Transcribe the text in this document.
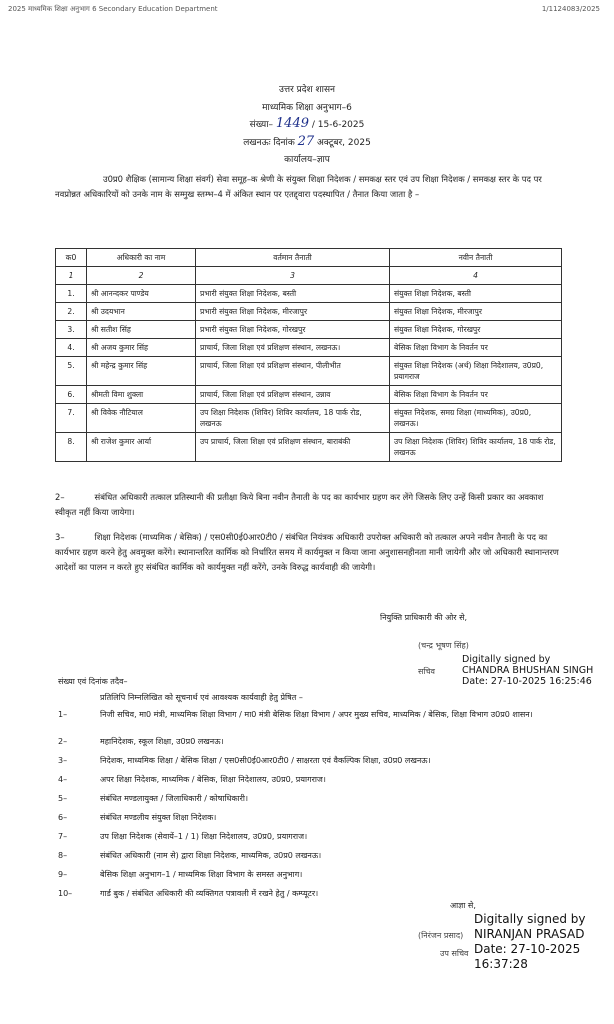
2025 माध्यमिक शिक्षा अनुभाग 6 Secondary Education Department	1/1124083/2025
उत्तर प्रदेश शासन
माध्यमिक शिक्षा अनुभाग–6
संख्या– 1449 / 15-6-2025
लखनऊः दिनांक 27 अक्टूबर, 2025
कार्यालय–ज्ञाप
उ0प्र0 शैक्षिक (सामान्य शिक्षा संवर्ग) सेवा समूह–क श्रेणी के संयुक्त शिक्षा निदेशक / समकक्ष स्तर एवं उप शिक्षा निदेशक / समकक्ष स्तर के पद पर नवप्रोन्नत अधिकारियों को उनके नाम के सम्मुख स्तम्भ–4 में अंकित स्थान पर एतद्द्वारा पदस्थापित / तैनात किया जाता है –
क0	अधिकारी का नाम	वर्तमान तैनाती	नवीन तैनाती
1	2	3	4
1.	श्री आनन्दकर पाण्डेय	प्रभारी संयुक्त शिक्षा निदेशक, बस्ती	संयुक्त शिक्षा निदेशक, बस्ती
2.	श्री उदयभान	प्रभारी संयुक्त शिक्षा निदेशक, मीरजापुर	संयुक्त शिक्षा निदेशक, मीरजापुर
3.	श्री सतीश सिंह	प्रभारी संयुक्त शिक्षा निदेशक, गोरखपुर	संयुक्त शिक्षा निदेशक, गोरखपुर
4.	श्री अजय कुमार सिंह	प्राचार्य, जिला शिक्षा एवं प्रशिक्षण संस्थान, लखनऊ।	बेसिक शिक्षा विभाग के निवर्तन पर
5.	श्री महेन्द्र कुमार सिंह	प्राचार्य, जिला शिक्षा एवं प्रशिक्षण संस्थान, पीलीभीत	संयुक्त शिक्षा निदेशक (अर्थ) शिक्षा निदेशालय, उ0प्र0, प्रयागराज
6.	श्रीमती विमा शुक्ला	प्राचार्य, जिला शिक्षा एवं प्रशिक्षण संस्थान, उन्नाव	बेसिक शिक्षा विभाग के निवर्तन पर
7.	श्री विवेक नौटियाल	उप शिक्षा निदेशक (शिविर) शिविर कार्यालय, 18 पार्क रोड, लखनऊ	संयुक्त निदेशक, समग्र शिक्षा (माध्यमिक), उ0प्र0, लखनऊ।
8.	श्री राजेश कुमार आर्या	उप प्राचार्य, जिला शिक्षा एवं प्रशिक्षण संस्थान, बाराबंकी	उप शिक्षा निदेशक (शिविर) शिविर कार्यालय, 18 पार्क रोड, लखनऊ
2–	संबंधित अधिकारी तत्काल प्रतिस्थानी की प्रतीक्षा किये बिना नवीन तैनाती के पद का कार्यभार ग्रहण कर लेंगे जिसके लिए उन्हें किसी प्रकार का अवकाश स्वीकृत नहीं किया जायेगा।
3–	शिक्षा निदेशक (माध्यमिक / बेसिक) / एस0सी0ई0आर0टी0 / संबंधित नियंत्रक अधिकारी उपरोक्त अधिकारी को तत्काल अपने नवीन तैनाती के पद का कार्यभार ग्रहण करने हेतु अवमुक्त करेंगे। स्थानान्तरित कार्मिक को निर्धारित समय में कार्यमुक्त न किया जाना अनुशासनहीनता मानी जायेगी और जो अधिकारी स्थानान्तरण आदेशों का पालन न करते हुए संबंधित कार्मिक को कार्यमुक्त नहीं करेंगे, उनके विरुद्ध कार्यवाही की जायेगी।
नियुक्ति प्राधिकारी की ओर से,
(चन्द्र भूषण सिंह)
सचिव
Digitally signed by
CHANDRA BHUSHAN SINGH
Date: 27-10-2025 16:25:46
संख्या एवं दिनांक तदैव–
प्रतिलिपि निम्नलिखित को सूचनार्थ एवं आवश्यक कार्यवाही हेतु प्रेषित –
1–	निजी सचिव, मा0 मंत्री, माध्यमिक शिक्षा विभाग / मा0 मंत्री बेसिक शिक्षा विभाग / अपर मुख्य सचिव, माध्यमिक / बेसिक, शिक्षा विभाग उ0प्र0 शासन।
2–	महानिदेशक, स्कूल शिक्षा, उ0प्र0 लखनऊ।
3–	निदेशक, माध्यमिक शिक्षा / बेसिक शिक्षा / एस0सी0ई0आर0टी0 / साक्षरता एवं वैकल्पिक शिक्षा, उ0प्र0 लखनऊ।
4–	अपर शिक्षा निदेशक, माध्यमिक / बेसिक, शिक्षा निदेशालय, उ0प्र0, प्रयागराज।
5–	संबंधित मण्डलायुक्त / जिलाधिकारी / कोषाधिकारी।
6–	संबंधित मण्डलीय संयुक्त शिक्षा निदेशक।
7–	उप शिक्षा निदेशक (सेवायें–1 / 1) शिक्षा निदेशालय, उ0प्र0, प्रयागराज।
8–	संबंधित अधिकारी (नाम से) द्वारा शिक्षा निदेशक, माध्यमिक, उ0प्र0 लखनऊ।
9–	बेसिक शिक्षा अनुभाग–1 / माध्यमिक शिक्षा विभाग के समस्त अनुभाग।
10–	गार्ड बुक / संबंधित अधिकारी की व्यक्तिगत पत्रावली में रखने हेतु / कम्प्यूटर।
आज्ञा से,
(निरंजन प्रसाद)
उप सचिव
Digitally signed by
NIRANJAN PRASAD
Date: 27-10-2025
16:37:28
